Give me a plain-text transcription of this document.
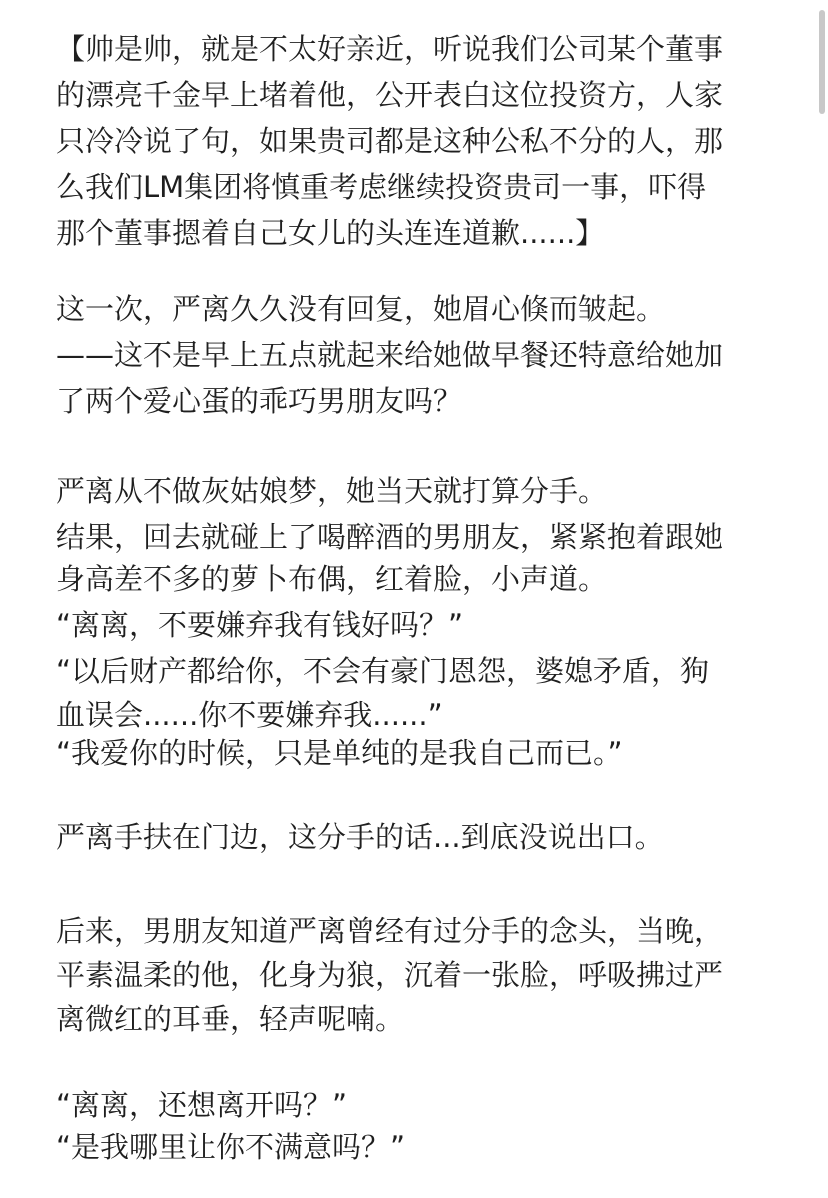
【帅是帅，就是不太好亲近，听说我们公司某个董事
的漂亮千金早上堵着他，公开表白这位投资方，人家
只冷冷说了句，如果贵司都是这种公私不分的人，那
么我们LM集团将慎重考虑继续投资贵司一事，吓得
那个董事摁着自己女儿的头连连道歉......】
这一次，严离久久没有回复，她眉心倏而皱起。
——这不是早上五点就起来给她做早餐还特意给她加
了两个爱心蛋的乖巧男朋友吗？
严离从不做灰姑娘梦，她当天就打算分手。
结果，回去就碰上了喝醉酒的男朋友，紧紧抱着跟她
身高差不多的萝卜布偶，红着脸，小声道。
“离离，不要嫌弃我有钱好吗？”
“以后财产都给你，不会有豪门恩怨，婆媳矛盾，狗
血误会......你不要嫌弃我......”
“我爱你的时候，只是单纯的是我自己而已。”
严离手扶在门边，这分手的话...到底没说出口。
后来，男朋友知道严离曾经有过分手的念头，当晚，
平素温柔的他，化身为狼，沉着一张脸，呼吸拂过严
离微红的耳垂，轻声呢喃。
“离离，还想离开吗？”
“是我哪里让你不满意吗？”
